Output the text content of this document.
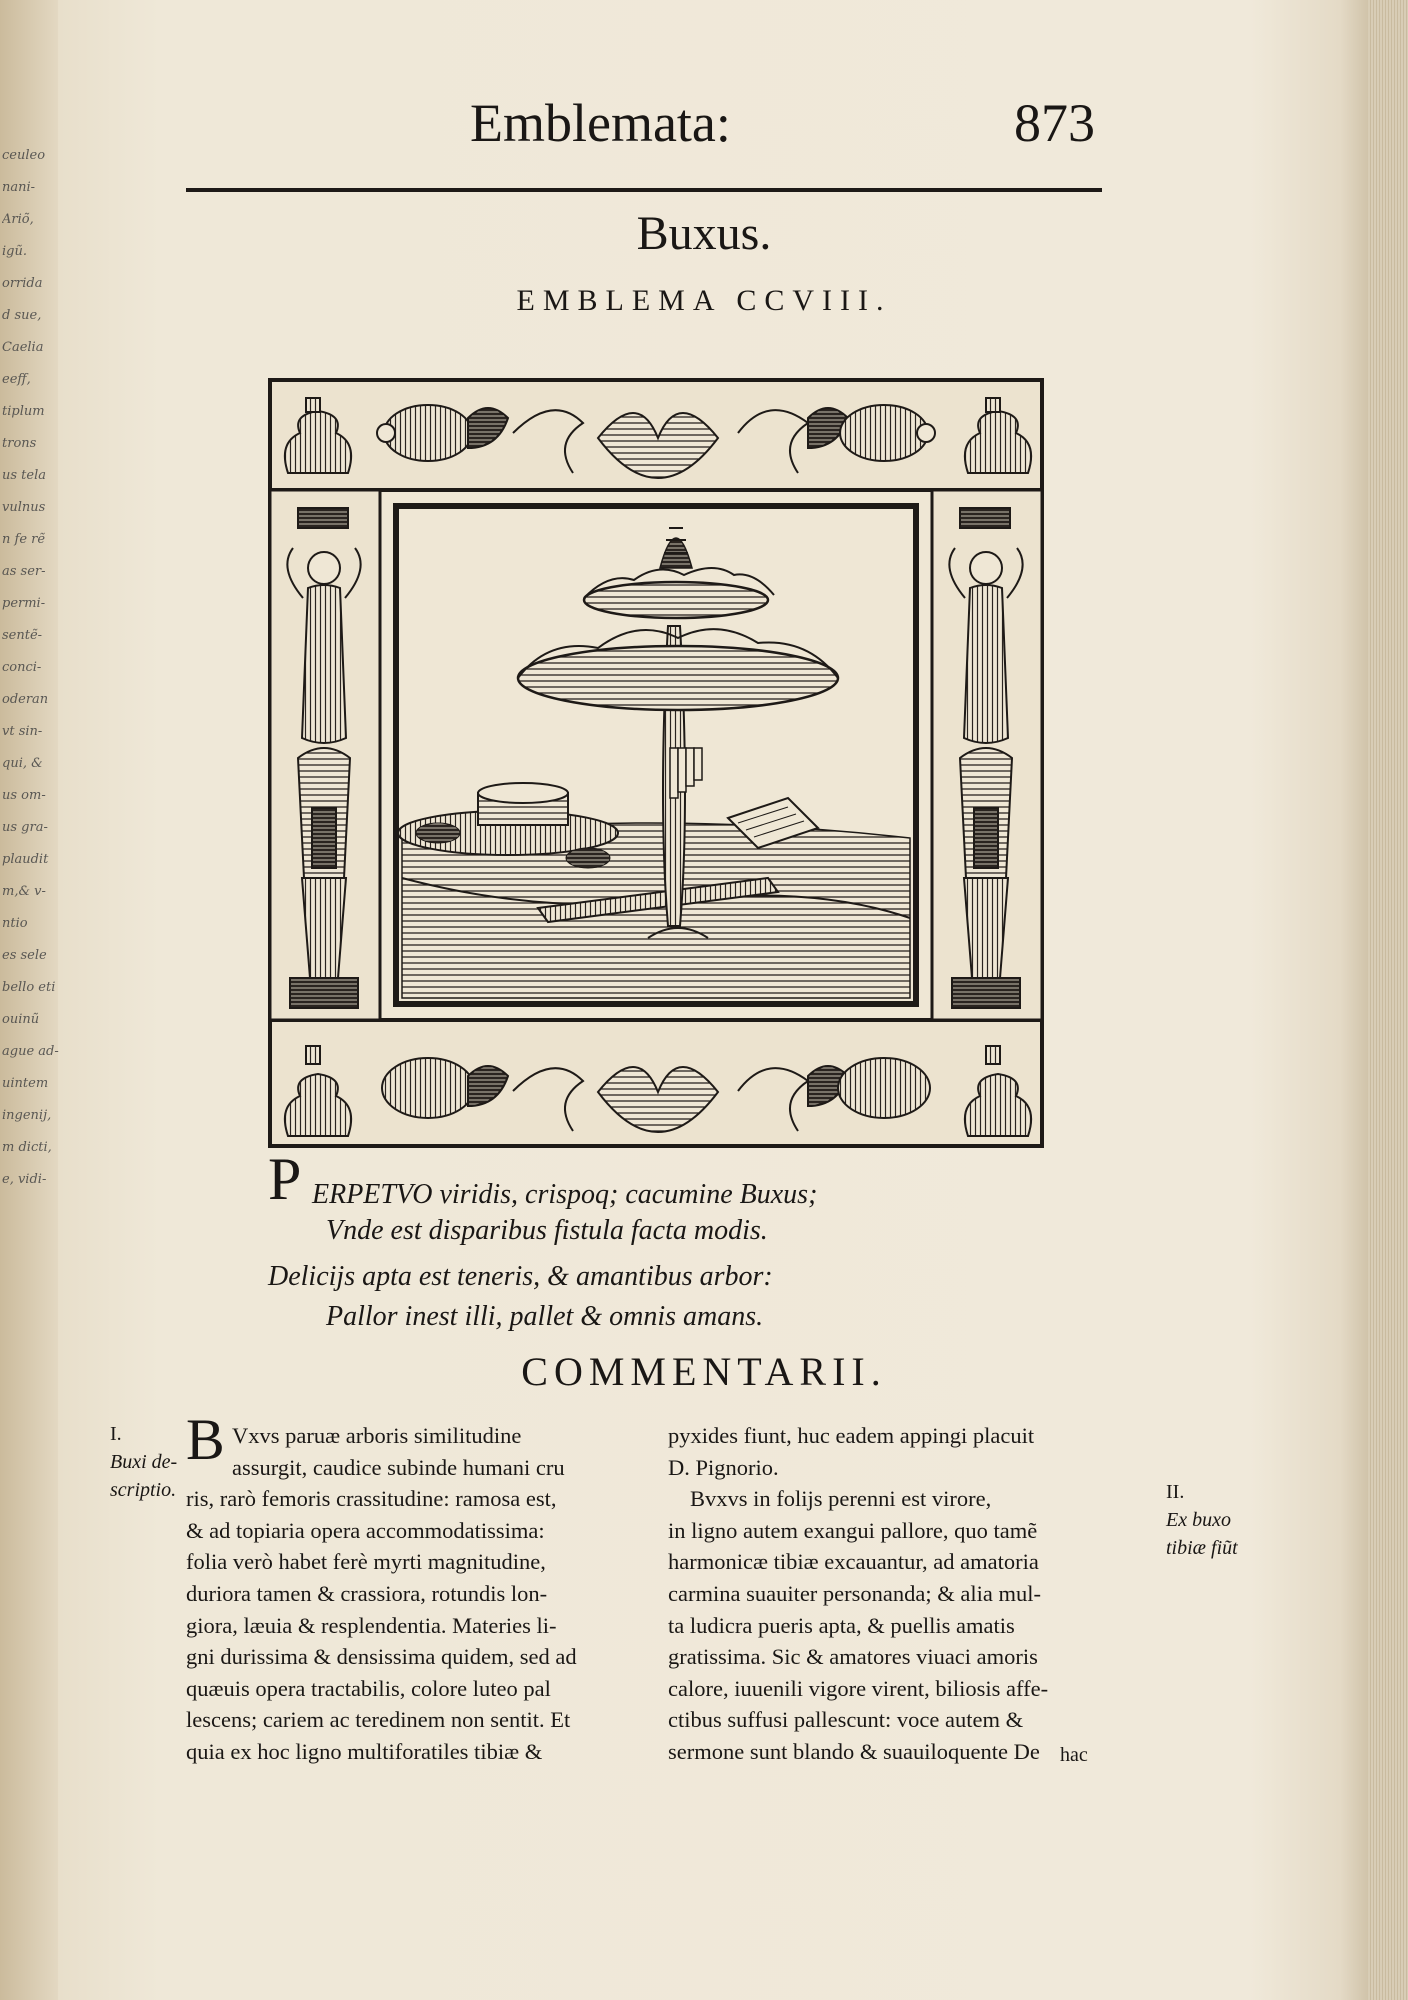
ceuleo
nani-
Ariõ,
igũ.
orrida
d sue,
Caelia
eeff,
tiplum
trons
us tela
vulnus
n fe rẽ
as ser-
permi-
sentẽ-
conci-
oderan
vt sin-
qui, &
us om-
us gra-
plaudit
m,& v-
ntio
es sele
bello eti
ouinũ
ague ad-
uintem
ingenij,
m dicti,
e, vidi-

Emblemata:	873
Buxus.
EMBLEMA CCVIII.
P ERPETVO viridis, crispoq; cacumine Buxus;
Vnde est disparibus fistula facta modis.
Delicijs apta est teneris, & amantibus arbor:
Pallor inest illi, pallet & omnis amans.
COMMENTARII.
I.
Buxi de-
scriptio.	II.
Ex buxo
tibiæ fiũt
B Vxvs paruæ arboris similitudine
assurgit, caudice subinde humani cru
ris, rarò femoris crassitudine: ramosa est,
& ad topiaria opera accommodatissima:
folia verò habet ferè myrti magnitudine,
duriora tamen & crassiora, rotundis lon-
giora, læuia & resplendentia. Materies li-
gni durissima & densissima quidem, sed ad
quæuis opera tractabilis, colore luteo pal
lescens; cariem ac teredinem non sentit. Et
quia ex hoc ligno multiforatiles tibiæ &
pyxides fiunt, huc eadem appingi placuit
D. Pignorio.
Bvxvs in folijs perenni est virore,
in ligno autem exangui pallore, quo tamẽ
harmonicæ tibiæ excauantur, ad amatoria
carmina suauiter personanda; & alia mul-
ta ludicra pueris apta, & puellis amatis
gratissima. Sic & amatores viuaci amoris
calore, iuuenili vigore virent, biliosis affe-
ctibus suffusi pallescunt: voce autem &
sermone sunt blando & suauiloquente De	hac
